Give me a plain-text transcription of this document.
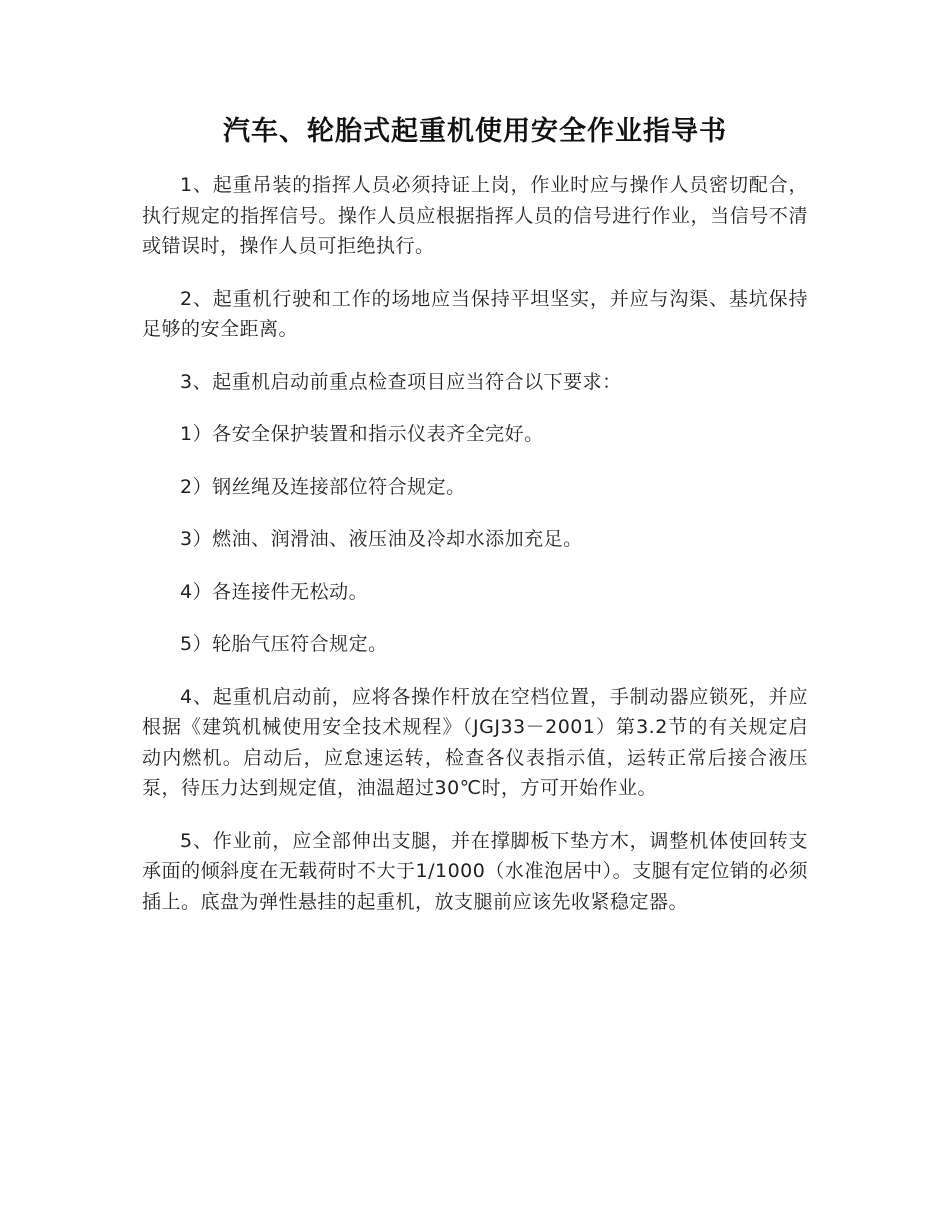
汽车、轮胎式起重机使用安全作业指导书

1、起重吊装的指挥人员必须持证上岗，作业时应与操作人员密切配合，执行规定的指挥信号。操作人员应根据指挥人员的信号进行作业，当信号不清或错误时，操作人员可拒绝执行。

2、起重机行驶和工作的场地应当保持平坦坚实，并应与沟渠、基坑保持足够的安全距离。

3、起重机启动前重点检查项目应当符合以下要求：

1）各安全保护装置和指示仪表齐全完好。

2）钢丝绳及连接部位符合规定。

3）燃油、润滑油、液压油及冷却水添加充足。

4）各连接件无松动。

5）轮胎气压符合规定。

4、起重机启动前，应将各操作杆放在空档位置，手制动器应锁死，并应根据《建筑机械使用安全技术规程》（JGJ33－2001）第3.2节的有关规定启动内燃机。启动后，应怠速运转，检查各仪表指示值，运转正常后接合液压泵，待压力达到规定值，油温超过30℃时，方可开始作业。

5、作业前，应全部伸出支腿，并在撑脚板下垫方木，调整机体使回转支承面的倾斜度在无载荷时不大于1/1000（水准泡居中）。支腿有定位销的必须插上。底盘为弹性悬挂的起重机，放支腿前应该先收紧稳定器。
